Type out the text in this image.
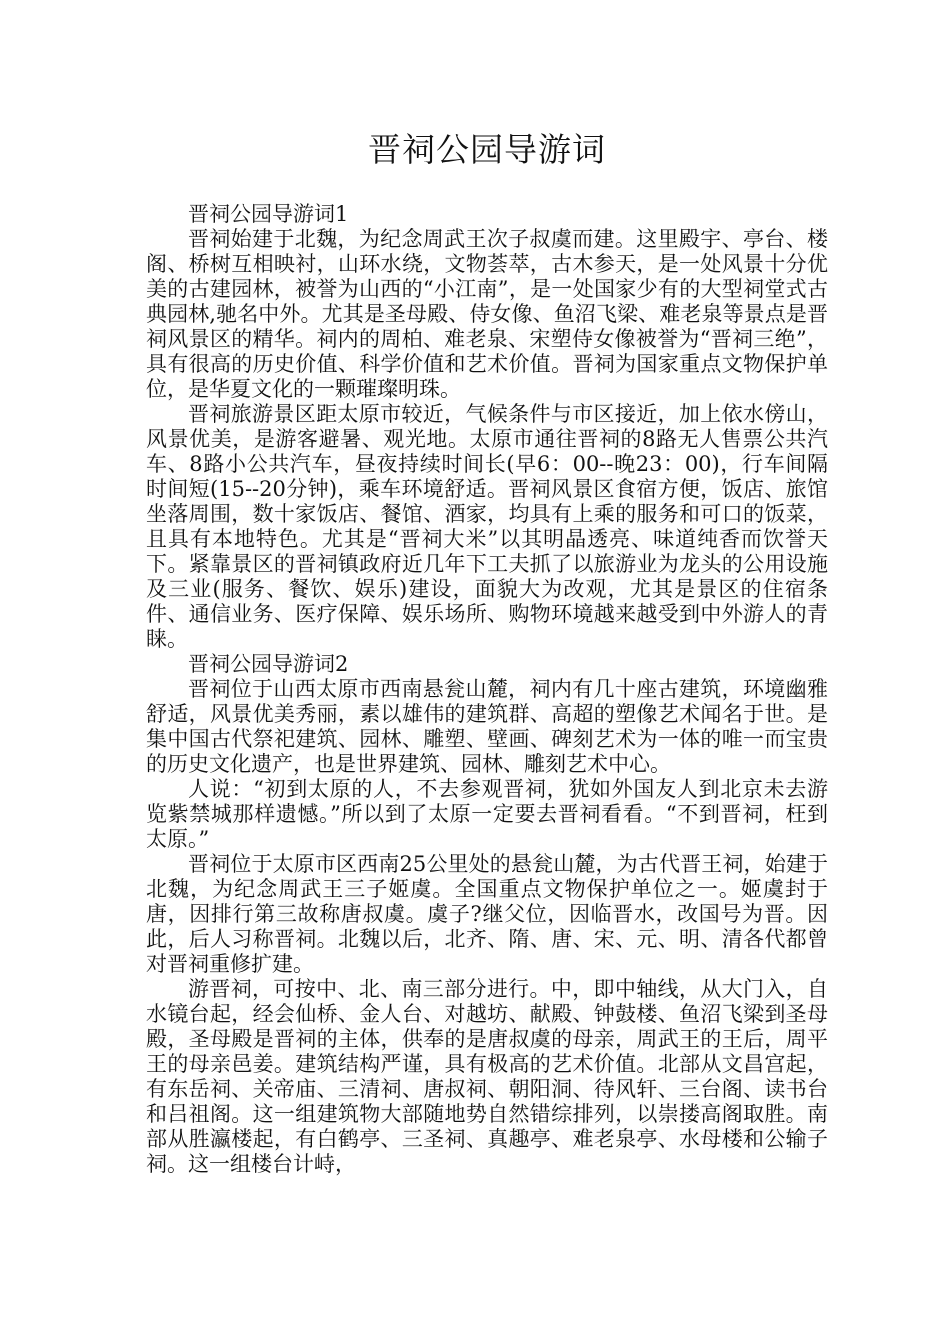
晋祠公园导游词

晋祠公园导游词1

晋祠始建于北魏，为纪念周武王次子叔虞而建。这里殿宇、亭台、楼阁、桥树互相映衬，山环水绕，文物荟萃，古木参天，是一处风景十分优美的古建园林，被誉为山西的“小江南”，是一处国家少有的大型祠堂式古典园林,驰名中外。尤其是圣母殿、侍女像、鱼沼飞梁、难老泉等景点是晋祠风景区的精华。祠内的周柏、难老泉、宋塑侍女像被誉为“晋祠三绝”，具有很高的历史价值、科学价值和艺术价值。晋祠为国家重点文物保护单位，是华夏文化的一颗璀璨明珠。

晋祠旅游景区距太原市较近，气候条件与市区接近，加上依水傍山，风景优美，是游客避暑、观光地。太原市通往晋祠的8路无人售票公共汽车、8路小公共汽车，昼夜持续时间长(早6：00--晚23：00)，行车间隔时间短(15--20分钟)，乘车环境舒适。晋祠风景区食宿方便，饭店、旅馆坐落周围，数十家饭店、餐馆、酒家，均具有上乘的服务和可口的饭菜，且具有本地特色。尤其是“晋祠大米”以其明晶透亮、味道纯香而饮誉天下。紧靠景区的晋祠镇政府近几年下工夫抓了以旅游业为龙头的公用设施及三业(服务、餐饮、娱乐)建设，面貌大为改观，尤其是景区的住宿条件、通信业务、医疗保障、娱乐场所、购物环境越来越受到中外游人的青睐。

晋祠公园导游词2

晋祠位于山西太原市西南悬瓮山麓，祠内有几十座古建筑，环境幽雅舒适，风景优美秀丽，素以雄伟的建筑群、高超的塑像艺术闻名于世。是集中国古代祭祀建筑、园林、雕塑、壁画、碑刻艺术为一体的唯一而宝贵的历史文化遗产，也是世界建筑、园林、雕刻艺术中心。

人说：“初到太原的人，不去参观晋祠，犹如外国友人到北京未去游览紫禁城那样遗憾。”所以到了太原一定要去晋祠看看。“不到晋祠，枉到太原。”

晋祠位于太原市区西南25公里处的悬瓮山麓，为古代晋王祠，始建于北魏，为纪念周武王三子姬虞。全国重点文物保护单位之一。姬虞封于唐，因排行第三故称唐叔虞。虞子?继父位，因临晋水，改国号为晋。因此，后人习称晋祠。北魏以后，北齐、隋、唐、宋、元、明、清各代都曾对晋祠重修扩建。

游晋祠，可按中、北、南三部分进行。中，即中轴线，从大门入，自水镜台起，经会仙桥、金人台、对越坊、献殿、钟鼓楼、鱼沼飞梁到圣母殿，圣母殿是晋祠的主体，供奉的是唐叔虞的母亲，周武王的王后，周平王的母亲邑姜。建筑结构严谨，具有极高的艺术价值。北部从文昌宫起，有东岳祠、关帝庙、三清祠、唐叔祠、朝阳洞、待风轩、三台阁、读书台和吕祖阁。这一组建筑物大部随地势自然错综排列，以崇搂高阁取胜。南部从胜瀛楼起，有白鹤亭、三圣祠、真趣亭、难老泉亭、水母楼和公输子祠。这一组楼台计峙，
